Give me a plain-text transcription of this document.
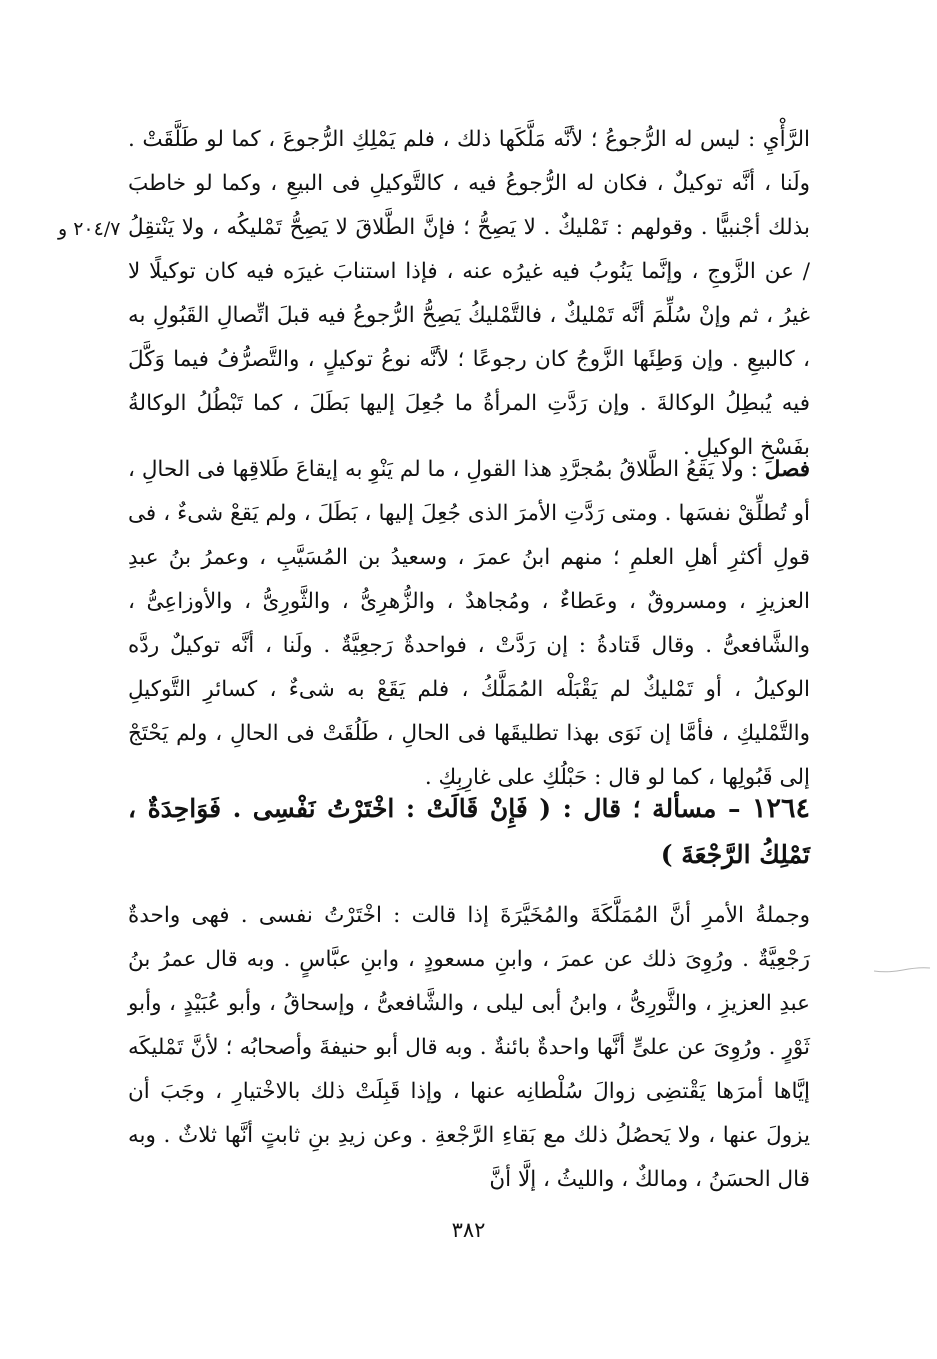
٢٠٤/٧ و

الرَّأْيِ : ليس له الرُّجوعُ ؛ لأنَّه مَلَّكَها ذلك ، فلم يَمْلِكِ الرُّجوعَ ، كما لو طَلَّقَتْ . ولَنا ، أنَّه توكيلٌ ، فكان له الرُّجوعُ فيه ، كالتَّوكيلِ فى البيعِ ، وكما لو خاطبَ بذلك أجْنبيًّا . وقولهم : تَمْليكٌ . لا يَصِحُّ ؛ فإنَّ الطَّلاقَ لا يَصِحُّ تَمْليكُه ، ولا يَنْتقِلُ / عن الزَّوجِ ، وإنَّما يَنُوبُ فيه غيرُه عنه ، فإذا استنابَ غيرَه فيه كان توكيلًا لا غيرُ ، ثم وإنْ سُلِّمَ أنَّه تَمْليكٌ ، فالتَّمْليكُ يَصِحُّ الرُّجوعُ فيه قبلَ اتِّصالِ القَبُولِ به ، كالبيعِ . وإن وَطِئَها الزَّوجُ كان رجوعًا ؛ لأنَّه نوعُ توكيلٍ ، والتَّصرُّفُ فيما وَكَّلَ فيه يُبطِلُ الوكالةَ . وإن رَدَّتِ المرأةُ ما جُعِلَ إليها بَطَلَ ، كما تَبْطُلُ الوكالةُ بفَسْخِ الوكيلِ .

فصل : ولا يَقعُ الطَّلاقُ بمُجرَّدِ هذا القولِ ، ما لم يَنْوِ به إيقاعَ طَلاقِها فى الحالِ ، أو تُطلِّقْ نفسَها . ومتى رَدَّتِ الأمرَ الذى جُعِلَ إليها ، بَطَلَ ، ولم يَقعْ شىءٌ ، فى قولِ أكثرِ أهلِ العلمِ ؛ منهم ابنُ عمرَ ، وسعيدُ بن المُسَيَّبِ ، وعمرُ بنُ عبدِ العزيزِ ، ومسروقٌ ، وعَطاءٌ ، ومُجاهدٌ ، والزُّهرِىُّ ، والثَّورِىُّ ، والأوزاعِىُّ ، والشَّافعىُّ . وقال قَتادةُ : إن رَدَّتْ ، فواحدةٌ رَجعِيَّةٌ . ولَنا ، أنَّه توكيلٌ ردَّه الوكيلُ ، أو تَمْليكٌ لم يَقْبَلْه المُمَلَّكُ ، فلم يَقَعْ به شىءٌ ، كسائرِ التَّوكيلِ والتَّمْليكِ ، فأمَّا إن نَوَى بهذا تطليقَها فى الحالِ ، طَلُقَتْ فى الحالِ ، ولم يَحْتَجْ إلى قَبُولِها ، كما لو قال : حَبْلُكِ على غارِبِكِ .

١٢٦٤ – مسألة ؛ قال : ( فَإِنْ قَالَتْ : اخْتَرْتُ نَفْسِى . فَوَاحِدَةٌ ، تَمْلِكُ الرَّجْعَةَ )

وجملةُ الأمرِ أنَّ المُمَلَّكَةَ والمُخَيَّرَةَ إذا قالت : اخْتَرْتُ نفسى . فهى واحدةٌ رَجْعِيَّةٌ . ورُوِىَ ذلك عن عمرَ ، وابنِ مسعودٍ ، وابنِ عبَّاسٍ . وبه قال عمرُ بنُ عبدِ العزيزِ ، والثَّورِىُّ ، وابنُ أبى ليلى ، والشَّافعىُّ ، وإسحاقُ ، وأبو عُبَيْدٍ ، وأبو ثَوْرٍ . ورُوِىَ عن علىٍّ أنَّها واحدةٌ بائنةٌ . وبه قال أبو حنيفةَ وأصحابُه ؛ لأنَّ تَمْليكَه إيَّاها أمرَها يَقْتضِى زوالَ سُلْطانِه عنها ، وإذا قَبِلَتْ ذلك بالاخْتيارِ ، وجَبَ أن يزولَ عنها ، ولا يَحصُلُ ذلك مع بَقاءِ الرَّجْعةِ . وعن زيدِ بنِ ثابتٍ أنَّها ثلاثٌ . وبه قال الحسَنُ ، ومالكٌ ، والليثُ ، إلَّا أنَّ

٣٨٢
